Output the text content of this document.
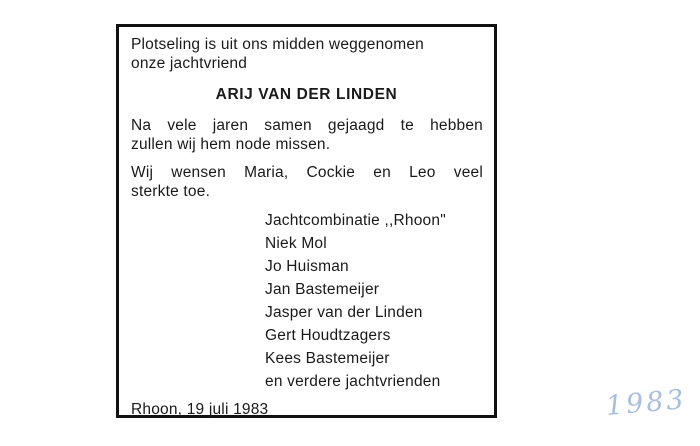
Plotseling is uit ons midden weggenomen
onze jachtvriend
ARIJ VAN DER LINDEN
Na vele jaren samen gejaagd te hebben
zullen wij hem node missen.
Wij wensen Maria, Cockie en Leo veel
sterkte toe.
Jachtcombinatie ,,Rhoon"
Niek Mol
Jo Huisman
Jan Bastemeijer
Jasper van der Linden
Gert Houdtzagers
Kees Bastemeijer
en verdere jachtvrienden
Rhoon, 19 juli 1983	1983
